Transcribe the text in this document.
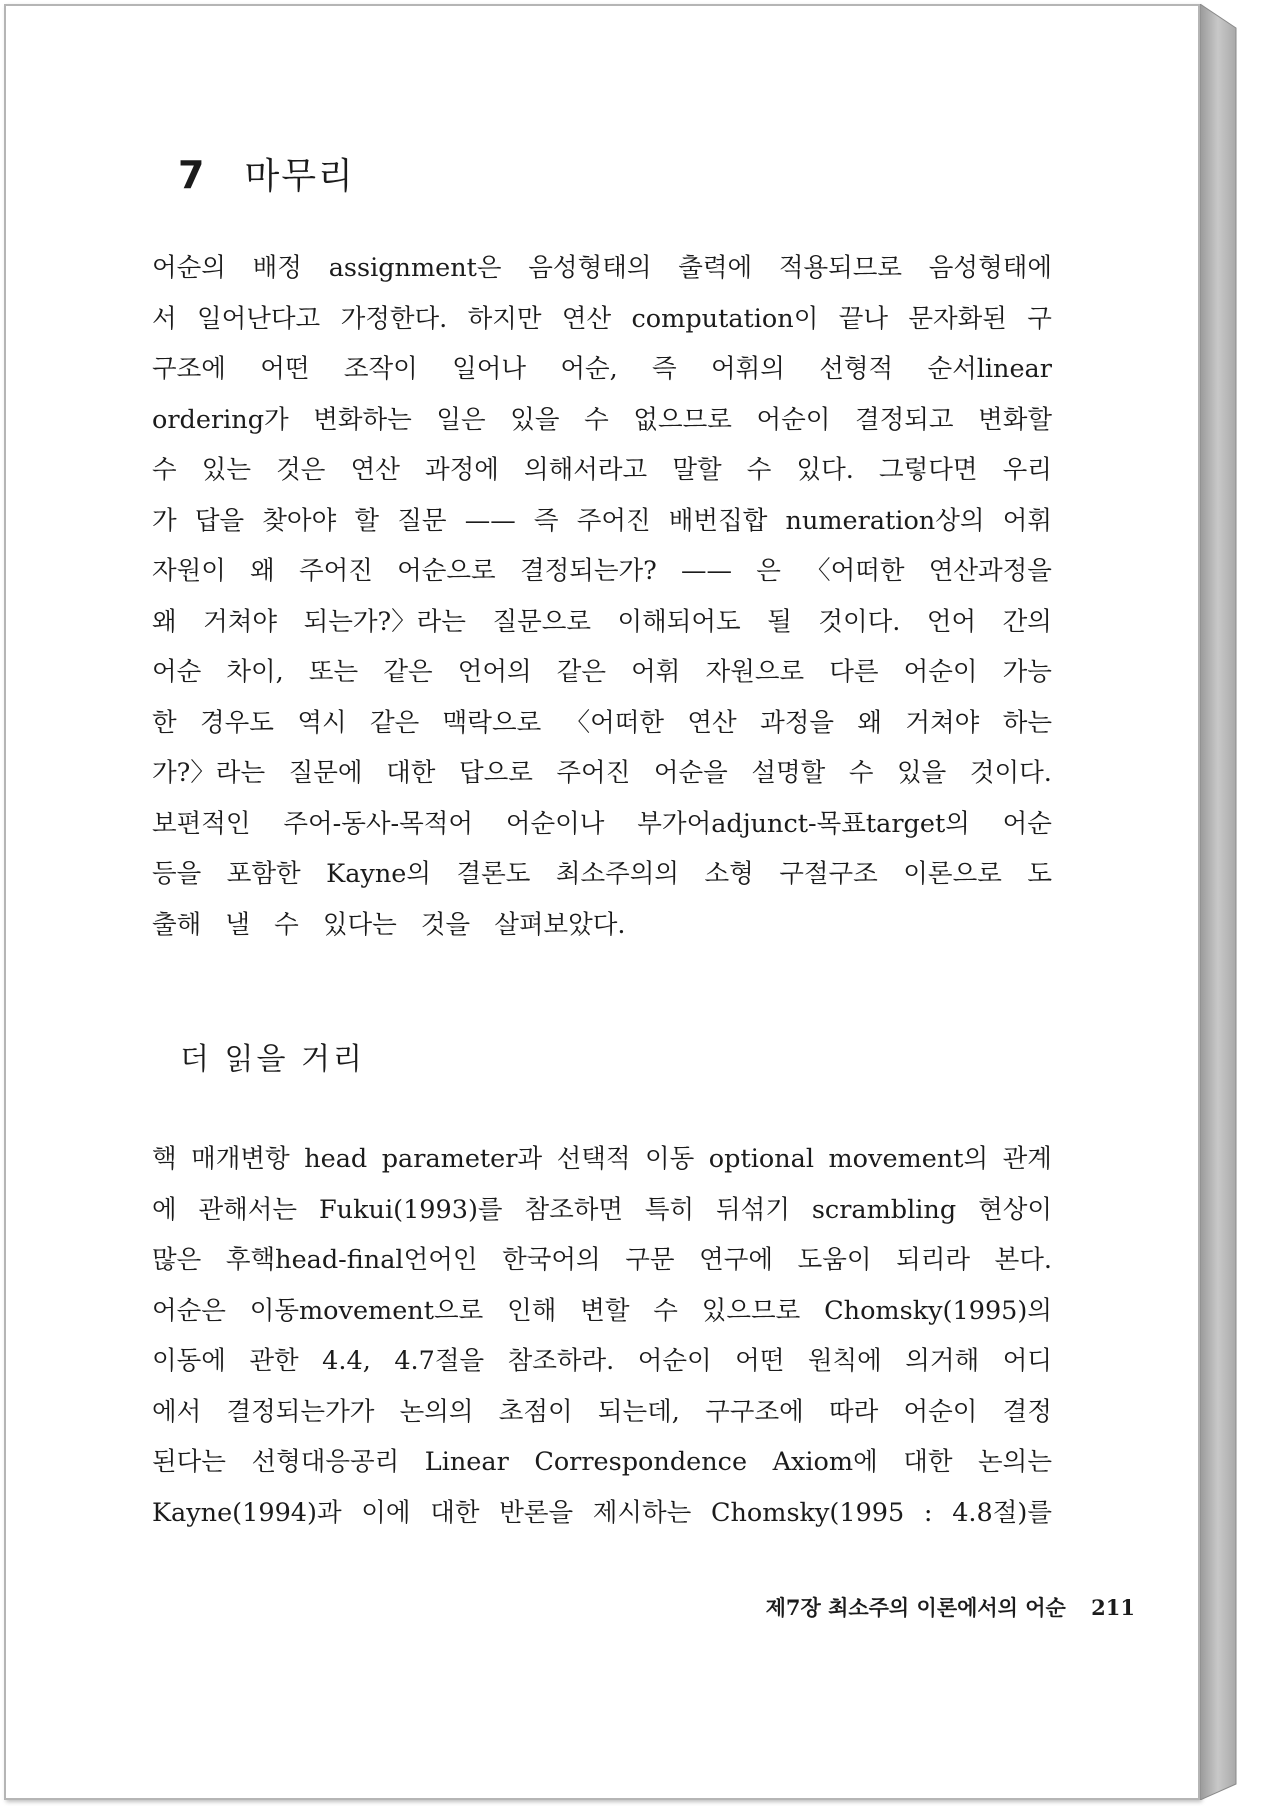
7 마무리
어순의 배정 assignment은 음성형태의 출력에 적용되므로 음성형태에
서 일어난다고 가정한다. 하지만 연산 computation이 끝나 문자화된 구
구조에 어떤 조작이 일어나 어순, 즉 어휘의 선형적 순서linear
ordering가 변화하는 일은 있을 수 없으므로 어순이 결정되고 변화할
수 있는 것은 연산 과정에 의해서라고 말할 수 있다. 그렇다면 우리
가 답을 찾아야 할 질문 —— 즉 주어진 배번집합 numeration상의 어휘
자원이 왜 주어진 어순으로 결정되는가? —— 은 〈어떠한 연산과정을
왜 거쳐야 되는가?〉라는 질문으로 이해되어도 될 것이다. 언어 간의
어순 차이, 또는 같은 언어의 같은 어휘 자원으로 다른 어순이 가능
한 경우도 역시 같은 맥락으로 〈어떠한 연산 과정을 왜 거쳐야 하는
가?〉라는 질문에 대한 답으로 주어진 어순을 설명할 수 있을 것이다.
보편적인 주어-동사-목적어 어순이나 부가어adjunct-목표target의 어순
등을 포함한 Kayne의 결론도 최소주의의 소형 구절구조 이론으로 도
출해 낼 수 있다는 것을 살펴보았다.
더 읽을 거리
핵 매개변항 head parameter과 선택적 이동 optional movement의 관계
에 관해서는 Fukui(1993)를 참조하면 특히 뒤섞기 scrambling 현상이
많은 후핵head-final언어인 한국어의 구문 연구에 도움이 되리라 본다.
어순은 이동movement으로 인해 변할 수 있으므로 Chomsky(1995)의
이동에 관한 4.4, 4.7절을 참조하라. 어순이 어떤 원칙에 의거해 어디
에서 결정되는가가 논의의 초점이 되는데, 구구조에 따라 어순이 결정
된다는 선형대응공리 Linear Correspondence Axiom에 대한 논의는
Kayne(1994)과 이에 대한 반론을 제시하는 Chomsky(1995 : 4.8절)를
제7장 최소주의 이론에서의 어순 211
